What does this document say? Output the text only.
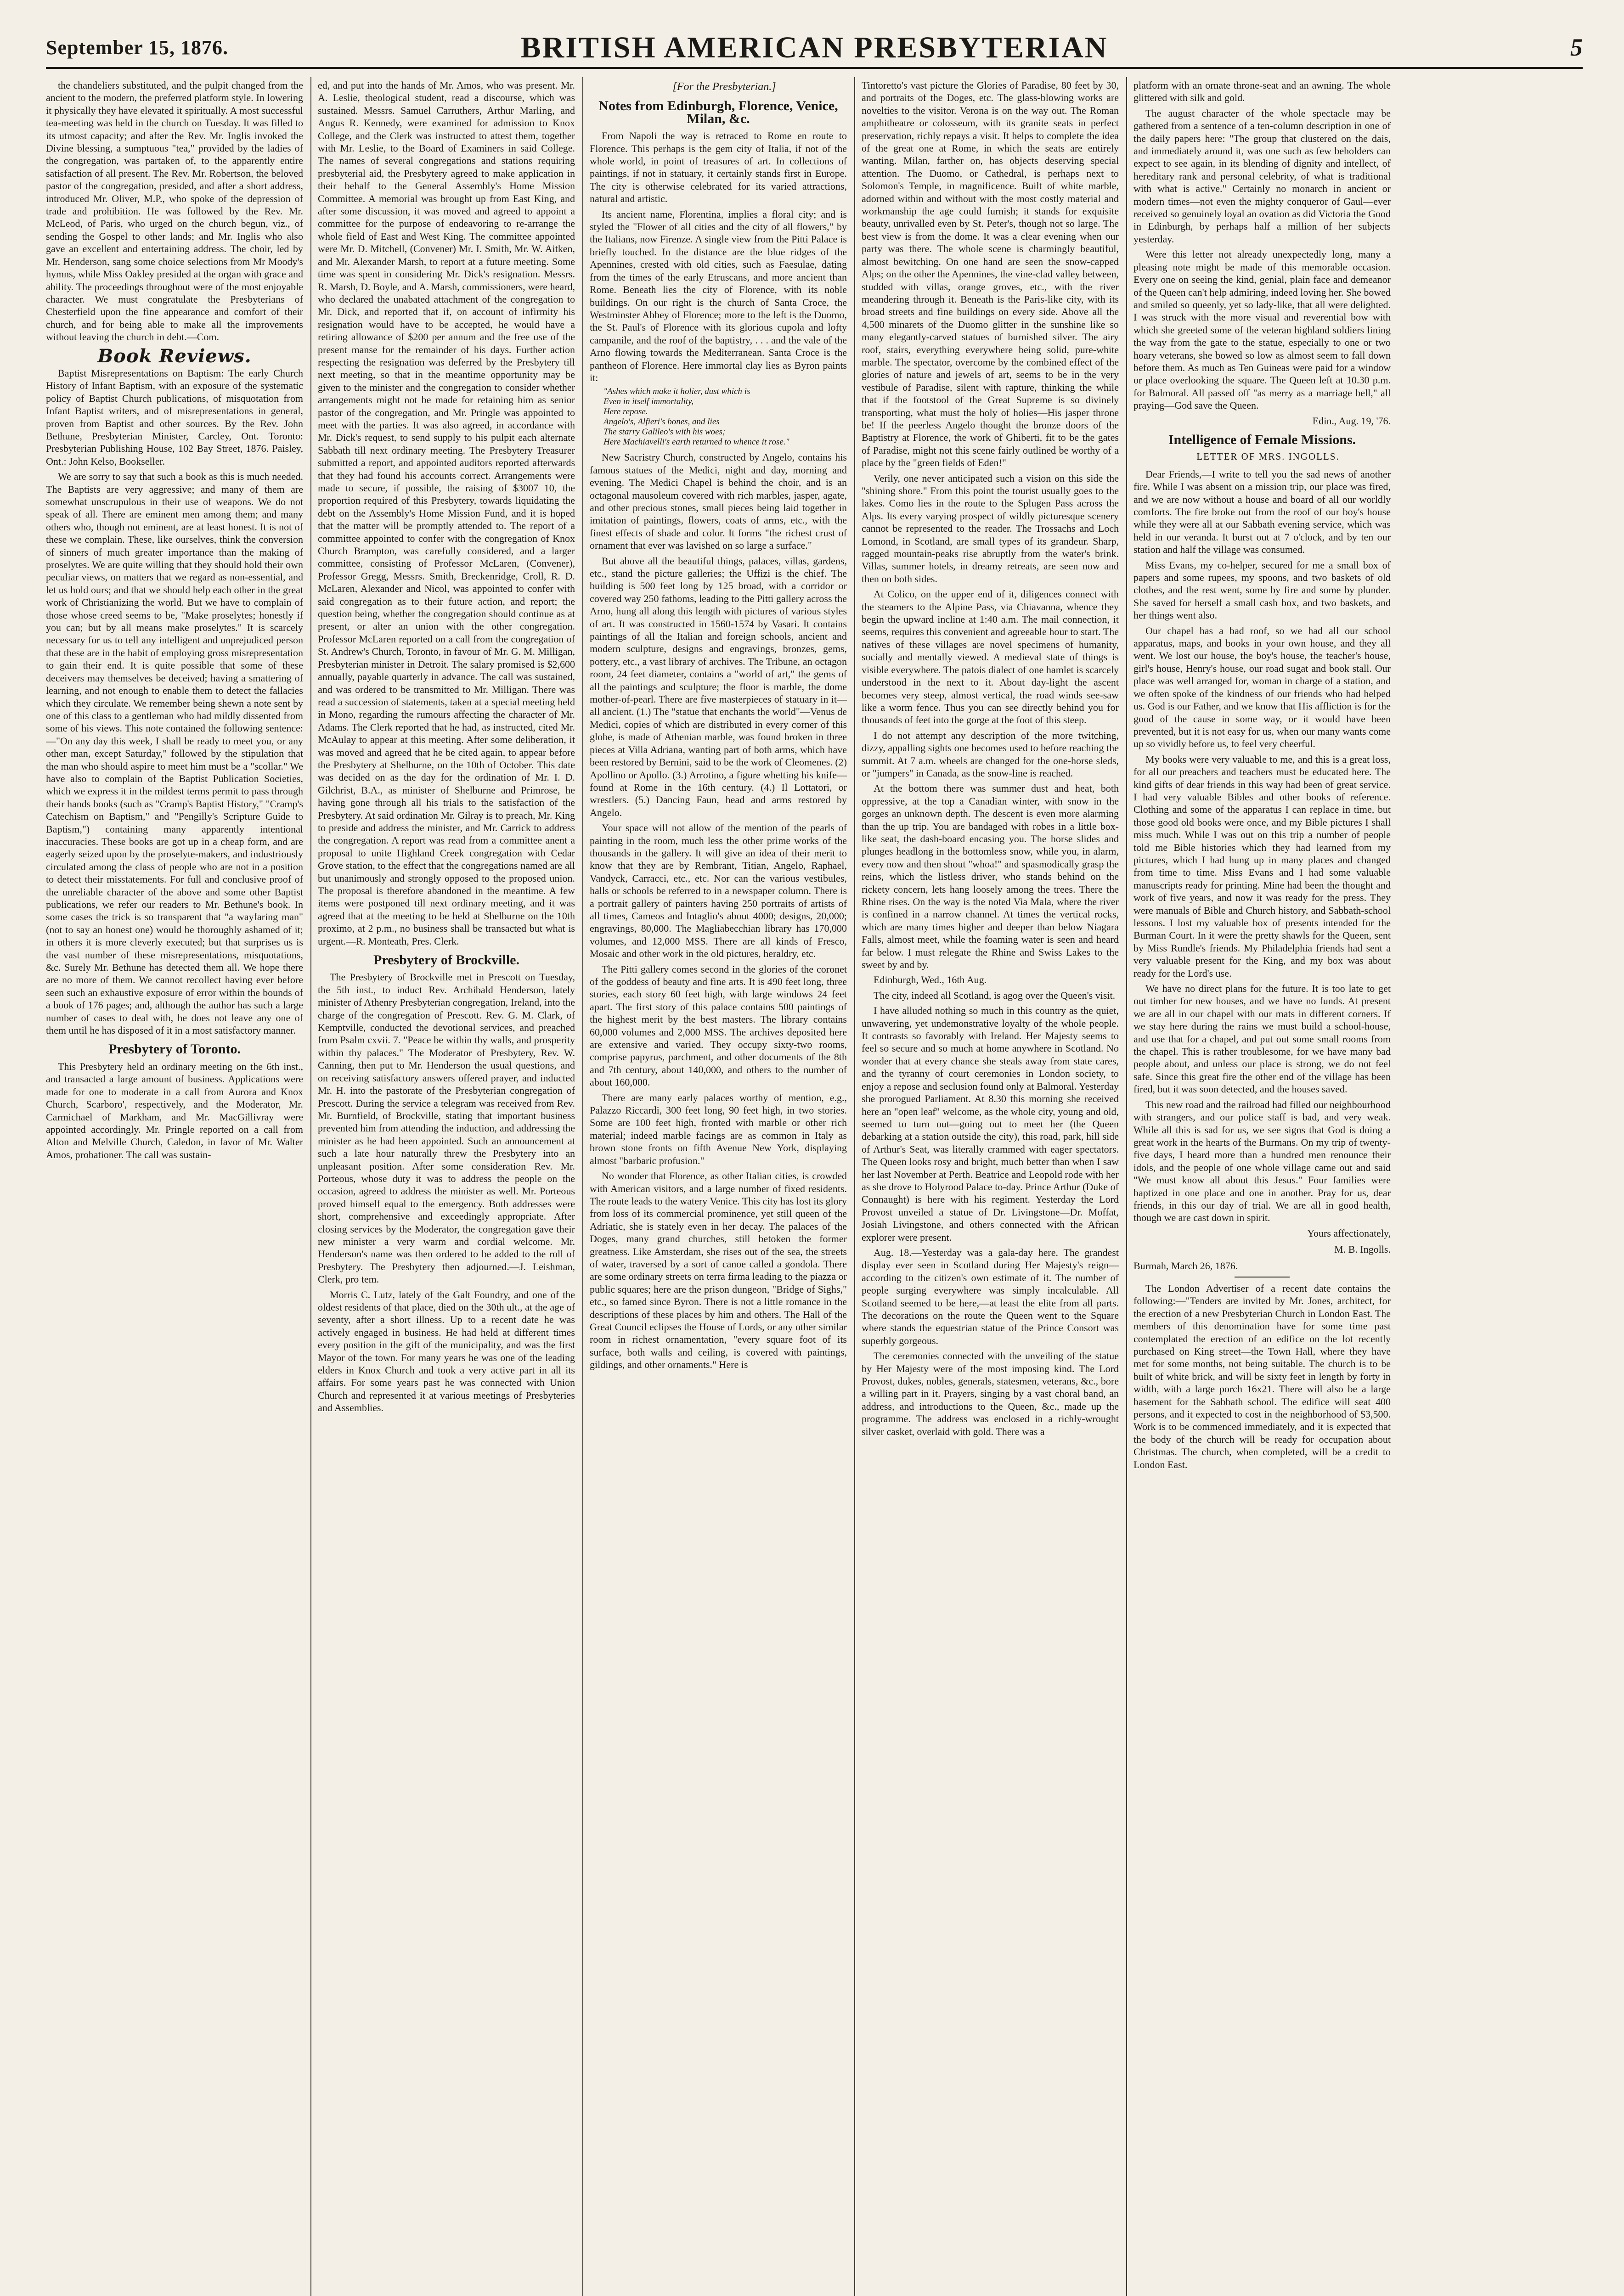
September 15, 1876.	BRITISH AMERICAN PRESBYTERIAN	5

the chandeliers substituted, and the pulpit changed from the ancient to the modern, the preferred platform style. In lowering it physically they have elevated it spiritually. A most successful tea-meeting was held in the church on Tuesday. It was filled to its utmost capacity; and after the Rev. Mr. Inglis invoked the Divine blessing, a sumptuous "tea," provided by the ladies of the congregation, was partaken of, to the apparently entire satisfaction of all present. The Rev. Mr. Robertson, the beloved pastor of the congregation, presided, and after a short address, introduced Mr. Oliver, M.P., who spoke of the depression of trade and prohibition. He was followed by the Rev. Mr. McLeod, of Paris, who urged on the church begun, viz., of sending the Gospel to other lands; and Mr. Inglis who also gave an excellent and entertaining address. The choir, led by Mr. Henderson, sang some choice selections from Mr Moody's hymns, while Miss Oakley presided at the organ with grace and ability. The proceedings throughout were of the most enjoyable character. We must congratulate the Presbyterians of Chesterfield upon the fine appearance and comfort of their church, and for being able to make all the improvements without leaving the church in debt.—Com.

Book Reviews.

Baptist Misrepresentations on Baptism: The early Church History of Infant Baptism, with an exposure of the systematic policy of Baptist Church publications, of misquotation from Infant Baptist writers, and of misrepresentations in general, proven from Baptist and other sources. By the Rev. John Bethune, Presbyterian Minister, Carcley, Ont. Toronto: Presbyterian Publishing House, 102 Bay Street, 1876. Paisley, Ont.: John Kelso, Bookseller.

We are sorry to say that such a book as this is much needed. The Baptists are very aggressive; and many of them are somewhat unscrupulous in their use of weapons. We do not speak of all. There are eminent men among them; and many others who, though not eminent, are at least honest. It is not of these we complain. These, like ourselves, think the conversion of sinners of much greater importance than the making of proselytes. We are quite willing that they should hold their own peculiar views, on matters that we regard as non-essential, and let us hold ours; and that we should help each other in the great work of Christianizing the world. But we have to complain of those whose creed seems to be, "Make proselytes; honestly if you can; but by all means make proselytes." It is scarcely necessary for us to tell any intelligent and unprejudiced person that these are in the habit of employing gross misrepresentation to gain their end. It is quite possible that some of these deceivers may themselves be deceived; having a smattering of learning, and not enough to enable them to detect the fallacies which they circulate. We remember being shewn a note sent by one of this class to a gentleman who had mildly dissented from some of his views. This note contained the following sentence:—"On any day this week, I shall be ready to meet you, or any other man, except Saturday," followed by the stipulation that the man who should aspire to meet him must be a "scollar." We have also to complain of the Baptist Publication Societies, which we express it in the mildest terms permit to pass through their hands books (such as "Cramp's Baptist History," "Cramp's Catechism on Baptism," and "Pengilly's Scripture Guide to Baptism,") containing many apparently intentional inaccuracies. These books are got up in a cheap form, and are eagerly seized upon by the proselyte-makers, and industriously circulated among the class of people who are not in a position to detect their misstatements. For full and conclusive proof of the unreliable character of the above and some other Baptist publications, we refer our readers to Mr. Bethune's book. In some cases the trick is so transparent that "a wayfaring man" (not to say an honest one) would be thoroughly ashamed of it; in others it is more cleverly executed; but that surprises us is the vast number of these misrepresentations, misquotations, &c. Surely Mr. Bethune has detected them all. We hope there are no more of them. We cannot recollect having ever before seen such an exhaustive exposure of error within the bounds of a book of 176 pages; and, although the author has such a large number of cases to deal with, he does not leave any one of them until he has disposed of it in a most satisfactory manner.

Presbytery of Toronto.

This Presbytery held an ordinary meeting on the 6th inst., and transacted a large amount of business. Applications were made for one to moderate in a call from Aurora and Knox Church, Scarboro', respectively, and the Moderator, Mr. Carmichael of Markham, and Mr. MacGillivray were appointed accordingly. Mr. Pringle reported on a call from Alton and Melville Church, Caledon, in favor of Mr. Walter Amos, probationer. The call was sustain-

ed, and put into the hands of Mr. Amos, who was present. Mr. A. Leslie, theological student, read a discourse, which was sustained. Messrs. Samuel Carruthers, Arthur Marling, and Angus R. Kennedy, were examined for admission to Knox College, and the Clerk was instructed to attest them, together with Mr. Leslie, to the Board of Examiners in said College. The names of several congregations and stations requiring presbyterial aid, the Presbytery agreed to make application in their behalf to the General Assembly's Home Mission Committee. A memorial was brought up from East King, and after some discussion, it was moved and agreed to appoint a committee for the purpose of endeavoring to re-arrange the whole field of East and West King. The committee appointed were Mr. D. Mitchell, (Convener) Mr. I. Smith, Mr. W. Aitken, and Mr. Alexander Marsh, to report at a future meeting. Some time was spent in considering Mr. Dick's resignation. Messrs. R. Marsh, D. Boyle, and A. Marsh, commissioners, were heard, who declared the unabated attachment of the congregation to Mr. Dick, and reported that if, on account of infirmity his resignation would have to be accepted, he would have a retiring allowance of $200 per annum and the free use of the present manse for the remainder of his days. Further action respecting the resignation was deferred by the Presbytery till next meeting, so that in the meantime opportunity may be given to the minister and the congregation to consider whether arrangements might not be made for retaining him as senior pastor of the congregation, and Mr. Pringle was appointed to meet with the parties. It was also agreed, in accordance with Mr. Dick's request, to send supply to his pulpit each alternate Sabbath till next ordinary meeting. The Presbytery Treasurer submitted a report, and appointed auditors reported afterwards that they had found his accounts correct. Arrangements were made to secure, if possible, the raising of $3007 10, the proportion required of this Presbytery, towards liquidating the debt on the Assembly's Home Mission Fund, and it is hoped that the matter will be promptly attended to. The report of a committee appointed to confer with the congregation of Knox Church Brampton, was carefully considered, and a larger committee, consisting of Professor McLaren, (Convener), Professor Gregg, Messrs. Smith, Breckenridge, Croll, R. D. McLaren, Alexander and Nicol, was appointed to confer with said congregation as to their future action, and report; the question being, whether the congregation should continue as at present, or alter an union with the other congregation. Professor McLaren reported on a call from the congregation of St. Andrew's Church, Toronto, in favour of Mr. G. M. Milligan, Presbyterian minister in Detroit. The salary promised is $2,600 annually, payable quarterly in advance. The call was sustained, and was ordered to be transmitted to Mr. Milligan. There was read a succession of statements, taken at a special meeting held in Mono, regarding the rumours affecting the character of Mr. Adams. The Clerk reported that he had, as instructed, cited Mr. McAulay to appear at this meeting. After some deliberation, it was moved and agreed that he be cited again, to appear before the Presbytery at Shelburne, on the 10th of October. This date was decided on as the day for the ordination of Mr. I. D. Gilchrist, B.A., as minister of Shelburne and Primrose, he having gone through all his trials to the satisfaction of the Presbytery. At said ordination Mr. Gilray is to preach, Mr. King to preside and address the minister, and Mr. Carrick to address the congregation. A report was read from a committee anent a proposal to unite Highland Creek congregation with Cedar Grove station, to the effect that the congregations named are all but unanimously and strongly opposed to the proposed union. The proposal is therefore abandoned in the meantime. A few items were postponed till next ordinary meeting, and it was agreed that at the meeting to be held at Shelburne on the 10th proximo, at 2 p.m., no business shall be transacted but what is urgent.—R. Monteath, Pres. Clerk.

Presbytery of Brockville.

The Presbytery of Brockville met in Prescott on Tuesday, the 5th inst., to induct Rev. Archibald Henderson, lately minister of Athenry Presbyterian congregation, Ireland, into the charge of the congregation of Prescott. Rev. G. M. Clark, of Kemptville, conducted the devotional services, and preached from Psalm cxvii. 7. "Peace be within thy walls, and prosperity within thy palaces." The Moderator of Presbytery, Rev. W. Canning, then put to Mr. Henderson the usual questions, and on receiving satisfactory answers offered prayer, and inducted Mr. H. into the pastorate of the Presbyterian congregation of Prescott. During the service a telegram was received from Rev. Mr. Burnfield, of Brockville, stating that important business prevented him from attending the induction, and addressing the minister as he had been appointed. Such an announcement at such a late hour naturally threw the Presbytery into an unpleasant position. After some consideration Rev. Mr. Porteous, whose duty it was to address the people on the occasion, agreed to address the minister as well. Mr. Porteous proved himself equal to the emergency. Both addresses were short, comprehensive and exceedingly appropriate. After closing services by the Moderator, the congregation gave their new minister a very warm and cordial welcome. Mr. Henderson's name was then ordered to be added to the roll of Presbytery. The Presbytery then adjourned.—J. Leishman, Clerk, pro tem.

Morris C. Lutz, lately of the Galt Foundry, and one of the oldest residents of that place, died on the 30th ult., at the age of seventy, after a short illness. Up to a recent date he was actively engaged in business. He had held at different times every position in the gift of the municipality, and was the first Mayor of the town. For many years he was one of the leading elders in Knox Church and took a very active part in all its affairs. For some years past he was connected with Union Church and represented it at various meetings of Presbyteries and Assemblies.

[For the Presbyterian.]

Notes from Edinburgh, Florence, Venice, Milan, &c.

From Napoli the way is retraced to Rome en route to Florence. This perhaps is the gem city of Italia, if not of the whole world, in point of treasures of art. In collections of paintings, if not in statuary, it certainly stands first in Europe. The city is otherwise celebrated for its varied attractions, natural and artistic.

Its ancient name, Florentina, implies a floral city; and is styled the "Flower of all cities and the city of all flowers," by the Italians, now Firenze. A single view from the Pitti Palace is briefly touched. In the distance are the blue ridges of the Apennines, crested with old cities, such as Faesulae, dating from the times of the early Etruscans, and more ancient than Rome. Beneath lies the city of Florence, with its noble buildings. On our right is the church of Santa Croce, the Westminster Abbey of Florence; more to the left is the Duomo, the St. Paul's of Florence with its glorious cupola and lofty campanile, and the roof of the baptistry, . . . and the vale of the Arno flowing towards the Mediterranean. Santa Croce is the pantheon of Florence. Here immortal clay lies as Byron paints it:

"Ashes which make it holier, dust which is
Even in itself immortality,
Here repose.
Angelo's, Alfieri's bones, and lies
The starry Galileo's with his woes;
Here Machiavelli's earth returned to whence it rose."

New Sacristry Church, constructed by Angelo, contains his famous statues of the Medici, night and day, morning and evening. The Medici Chapel is behind the choir, and is an octagonal mausoleum covered with rich marbles, jasper, agate, and other precious stones, small pieces being laid together in imitation of paintings, flowers, coats of arms, etc., with the finest effects of shade and color. It forms "the richest crust of ornament that ever was lavished on so large a surface."

But above all the beautiful things, palaces, villas, gardens, etc., stand the picture galleries; the Uffizi is the chief. The building is 500 feet long by 125 broad, with a corridor or covered way 250 fathoms, leading to the Pitti gallery across the Arno, hung all along this length with pictures of various styles of art. It was constructed in 1560-1574 by Vasari. It contains paintings of all the Italian and foreign schools, ancient and modern sculpture, designs and engravings, bronzes, gems, pottery, etc., a vast library of archives. The Tribune, an octagon room, 24 feet diameter, contains a "world of art," the gems of all the paintings and sculpture; the floor is marble, the dome mother-of-pearl. There are five masterpieces of statuary in it—all ancient. (1.) The "statue that enchants the world"—Venus de Medici, copies of which are distributed in every corner of this globe, is made of Athenian marble, was found broken in three pieces at Villa Adriana, wanting part of both arms, which have been restored by Bernini, said to be the work of Cleomenes. (2) Apollino or Apollo. (3.) Arrotino, a figure whetting his knife—found at Rome in the 16th century. (4.) Il Lottatori, or wrestlers. (5.) Dancing Faun, head and arms restored by Angelo.

Your space will not allow of the mention of the pearls of painting in the room, much less the other prime works of the thousands in the gallery. It will give an idea of their merit to know that they are by Rembrant, Titian, Angelo, Raphael, Vandyck, Carracci, etc., etc. Nor can the various vestibules, halls or schools be referred to in a newspaper column. There is a portrait gallery of painters having 250 portraits of artists of all times, Cameos and Intaglio's about 4000; designs, 20,000; engravings, 80,000. The Magliabecchian library has 170,000 volumes, and 12,000 MSS. There are all kinds of Fresco, Mosaic and other work in the old pictures, heraldry, etc.

The Pitti gallery comes second in the glories of the coronet of the goddess of beauty and fine arts. It is 490 feet long, three stories, each story 60 feet high, with large windows 24 feet apart. The first story of this palace contains 500 paintings of the highest merit by the best masters. The library contains 60,000 volumes and 2,000 MSS. The archives deposited here are extensive and varied. They occupy sixty-two rooms, comprise papyrus, parchment, and other documents of the 8th and 7th century, about 140,000, and others to the number of about 160,000.

There are many early palaces worthy of mention, e.g., Palazzo Riccardi, 300 feet long, 90 feet high, in two stories. Some are 100 feet high, fronted with marble or other rich material; indeed marble facings are as common in Italy as brown stone fronts on fifth Avenue New York, displaying almost "barbaric profusion."

No wonder that Florence, as other Italian cities, is crowded with American visitors, and a large number of fixed residents. The route leads to the watery Venice. This city has lost its glory from loss of its commercial prominence, yet still queen of the Adriatic, she is stately even in her decay. The palaces of the Doges, many grand churches, still betoken the former greatness. Like Amsterdam, she rises out of the sea, the streets of water, traversed by a sort of canoe called a gondola. There are some ordinary streets on terra firma leading to the piazza or public squares; here are the prison dungeon, "Bridge of Sighs," etc., so famed since Byron. There is not a little romance in the descriptions of these places by him and others. The Hall of the Great Council eclipses the House of Lords, or any other similar room in richest ornamentation, "every square foot of its surface, both walls and ceiling, is covered with paintings, gildings, and other ornaments." Here is

Tintoretto's vast picture the Glories of Paradise, 80 feet by 30, and portraits of the Doges, etc. The glass-blowing works are novelties to the visitor. Verona is on the way out. The Roman amphitheatre or colosseum, with its granite seats in perfect preservation, richly repays a visit. It helps to complete the idea of the great one at Rome, in which the seats are entirely wanting. Milan, farther on, has objects deserving special attention. The Duomo, or Cathedral, is perhaps next to Solomon's Temple, in magnificence. Built of white marble, adorned within and without with the most costly material and workmanship the age could furnish; it stands for exquisite beauty, unrivalled even by St. Peter's, though not so large. The best view is from the dome. It was a clear evening when our party was there. The whole scene is charmingly beautiful, almost bewitching. On one hand are seen the snow-capped Alps; on the other the Apennines, the vine-clad valley between, studded with villas, orange groves, etc., with the river meandering through it. Beneath is the Paris-like city, with its broad streets and fine buildings on every side. Above all the 4,500 minarets of the Duomo glitter in the sunshine like so many elegantly-carved statues of burnished silver. The airy roof, stairs, everything everywhere being solid, pure-white marble. The spectator, overcome by the combined effect of the glories of nature and jewels of art, seems to be in the very vestibule of Paradise, silent with rapture, thinking the while that if the footstool of the Great Supreme is so divinely transporting, what must the holy of holies—His jasper throne be! If the peerless Angelo thought the bronze doors of the Baptistry at Florence, the work of Ghiberti, fit to be the gates of Paradise, might not this scene fairly outlined be worthy of a place by the "green fields of Eden!"

Verily, one never anticipated such a vision on this side the "shining shore." From this point the tourist usually goes to the lakes. Como lies in the route to the Splugen Pass across the Alps. Its every varying prospect of wildly picturesque scenery cannot be represented to the reader. The Trossachs and Loch Lomond, in Scotland, are small types of its grandeur. Sharp, ragged mountain-peaks rise abruptly from the water's brink. Villas, summer hotels, in dreamy retreats, are seen now and then on both sides.

At Colico, on the upper end of it, diligences connect with the steamers to the Alpine Pass, via Chiavanna, whence they begin the upward incline at 1:40 a.m. The mail connection, it seems, requires this convenient and agreeable hour to start. The natives of these villages are novel specimens of humanity, socially and mentally viewed. A medieval state of things is visible everywhere. The patois dialect of one hamlet is scarcely understood in the next to it. About day-light the ascent becomes very steep, almost vertical, the road winds see-saw like a worm fence. Thus you can see directly behind you for thousands of feet into the gorge at the foot of this steep.

I do not attempt any description of the more twitching, dizzy, appalling sights one becomes used to before reaching the summit. At 7 a.m. wheels are changed for the one-horse sleds, or "jumpers" in Canada, as the snow-line is reached.

At the bottom there was summer dust and heat, both oppressive, at the top a Canadian winter, with snow in the gorges an unknown depth. The descent is even more alarming than the up trip. You are bandaged with robes in a little box-like seat, the dash-board encasing you. The horse slides and plunges headlong in the bottomless snow, while you, in alarm, every now and then shout "whoa!" and spasmodically grasp the reins, which the listless driver, who stands behind on the rickety concern, lets hang loosely among the trees. There the Rhine rises. On the way is the noted Via Mala, where the river is confined in a narrow channel. At times the vertical rocks, which are many times higher and deeper than below Niagara Falls, almost meet, while the foaming water is seen and heard far below. I must relegate the Rhine and Swiss Lakes to the sweet by and by.

Edinburgh, Wed., 16th Aug.

The city, indeed all Scotland, is agog over the Queen's visit.

I have alluded nothing so much in this country as the quiet, unwavering, yet undemonstrative loyalty of the whole people. It contrasts so favorably with Ireland. Her Majesty seems to feel so secure and so much at home anywhere in Scotland. No wonder that at every chance she steals away from state cares, and the tyranny of court ceremonies in London society, to enjoy a repose and seclusion found only at Balmoral. Yesterday she prorogued Parliament. At 8.30 this morning she received here an "open leaf" welcome, as the whole city, young and old, seemed to turn out—going out to meet her (the Queen debarking at a station outside the city), this road, park, hill side of Arthur's Seat, was literally crammed with eager spectators. The Queen looks rosy and bright, much better than when I saw her last November at Perth. Beatrice and Leopold rode with her as she drove to Holyrood Palace to-day. Prince Arthur (Duke of Connaught) is here with his regiment. Yesterday the Lord Provost unveiled a statue of Dr. Livingstone—Dr. Moffat, Josiah Livingstone, and others connected with the African explorer were present.

Aug. 18.—Yesterday was a gala-day here. The grandest display ever seen in Scotland during Her Majesty's reign—according to the citizen's own estimate of it. The number of people surging everywhere was simply incalculable. All Scotland seemed to be here,—at least the elite from all parts. The decorations on the route the Queen went to the Square where stands the equestrian statue of the Prince Consort was superbly gorgeous.

The ceremonies connected with the unveiling of the statue by Her Majesty were of the most imposing kind. The Lord Provost, dukes, nobles, generals, statesmen, veterans, &c., bore a willing part in it. Prayers, singing by a vast choral band, an address, and introductions to the Queen, &c., made up the programme. The address was enclosed in a richly-wrought silver casket, overlaid with gold. There was a

platform with an ornate throne-seat and an awning. The whole glittered with silk and gold.

The august character of the whole spectacle may be gathered from a sentence of a ten-column description in one of the daily papers here: "The group that clustered on the dais, and immediately around it, was one such as few beholders can expect to see again, in its blending of dignity and intellect, of hereditary rank and personal celebrity, of what is traditional with what is active." Certainly no monarch in ancient or modern times—not even the mighty conqueror of Gaul—ever received so genuinely loyal an ovation as did Victoria the Good in Edinburgh, by perhaps half a million of her subjects yesterday.

Were this letter not already unexpectedly long, many a pleasing note might be made of this memorable occasion. Every one on seeing the kind, genial, plain face and demeanor of the Queen can't help admiring, indeed loving her. She bowed and smiled so queenly, yet so lady-like, that all were delighted. I was struck with the more visual and reverential bow with which she greeted some of the veteran highland soldiers lining the way from the gate to the statue, especially to one or two hoary veterans, she bowed so low as almost seem to fall down before them. As much as Ten Guineas were paid for a window or place overlooking the square. The Queen left at 10.30 p.m. for Balmoral. All passed off "as merry as a marriage bell," all praying—God save the Queen.

Edin., Aug. 19, '76.

Intelligence of Female Missions.

LETTER OF MRS. INGOLLS.

Dear Friends,—I write to tell you the sad news of another fire. While I was absent on a mission trip, our place was fired, and we are now without a house and board of all our worldly comforts. The fire broke out from the roof of our boy's house while they were all at our Sabbath evening service, which was held in our veranda. It burst out at 7 o'clock, and by ten our station and half the village was consumed.

Miss Evans, my co-helper, secured for me a small box of papers and some rupees, my spoons, and two baskets of old clothes, and the rest went, some by fire and some by plunder. She saved for herself a small cash box, and two baskets, and her things went also.

Our chapel has a bad roof, so we had all our school apparatus, maps, and books in your own house, and they all went. We lost our house, the boy's house, the teacher's house, girl's house, Henry's house, our road sugat and book stall. Our place was well arranged for, woman in charge of a station, and we often spoke of the kindness of our friends who had helped us. God is our Father, and we know that His affliction is for the good of the cause in some way, or it would have been prevented, but it is not easy for us, when our many wants come up so vividly before us, to feel very cheerful.

My books were very valuable to me, and this is a great loss, for all our preachers and teachers must be educated here. The kind gifts of dear friends in this way had been of great service. I had very valuable Bibles and other books of reference. Clothing and some of the apparatus I can replace in time, but those good old books were once, and my Bible pictures I shall miss much. While I was out on this trip a number of people told me Bible histories which they had learned from my pictures, which I had hung up in many places and changed from time to time. Miss Evans and I had some valuable manuscripts ready for printing. Mine had been the thought and work of five years, and now it was ready for the press. They were manuals of Bible and Church history, and Sabbath-school lessons. I lost my valuable box of presents intended for the Burman Court. In it were the pretty shawls for the Queen, sent by Miss Rundle's friends. My Philadelphia friends had sent a very valuable present for the King, and my box was about ready for the Lord's use.

We have no direct plans for the future. It is too late to get out timber for new houses, and we have no funds. At present we are all in our chapel with our mats in different corners. If we stay here during the rains we must build a school-house, and use that for a chapel, and put out some small rooms from the chapel. This is rather troublesome, for we have many bad people about, and unless our place is strong, we do not feel safe. Since this great fire the other end of the village has been fired, but it was soon detected, and the houses saved.

This new road and the railroad had filled our neighbourhood with strangers, and our police staff is bad, and very weak. While all this is sad for us, we see signs that God is doing a great work in the hearts of the Burmans. On my trip of twenty-five days, I heard more than a hundred men renounce their idols, and the people of one whole village came out and said "We must know all about this Jesus." Four families were baptized in one place and one in another. Pray for us, dear friends, in this our day of trial. We are all in good health, though we are cast down in spirit.

Yours affectionately,

M. B. Ingolls.

Burmah, March 26, 1876.

The London Advertiser of a recent date contains the following:—"Tenders are invited by Mr. Jones, architect, for the erection of a new Presbyterian Church in London East. The members of this denomination have for some time past contemplated the erection of an edifice on the lot recently purchased on King street—the Town Hall, where they have met for some months, not being suitable. The church is to be built of white brick, and will be sixty feet in length by forty in width, with a large porch 16x21. There will also be a large basement for the Sabbath school. The edifice will seat 400 persons, and it expected to cost in the neighborhood of $3,500. Work is to be commenced immediately, and it is expected that the body of the church will be ready for occupation about Christmas. The church, when completed, will be a credit to London East.
